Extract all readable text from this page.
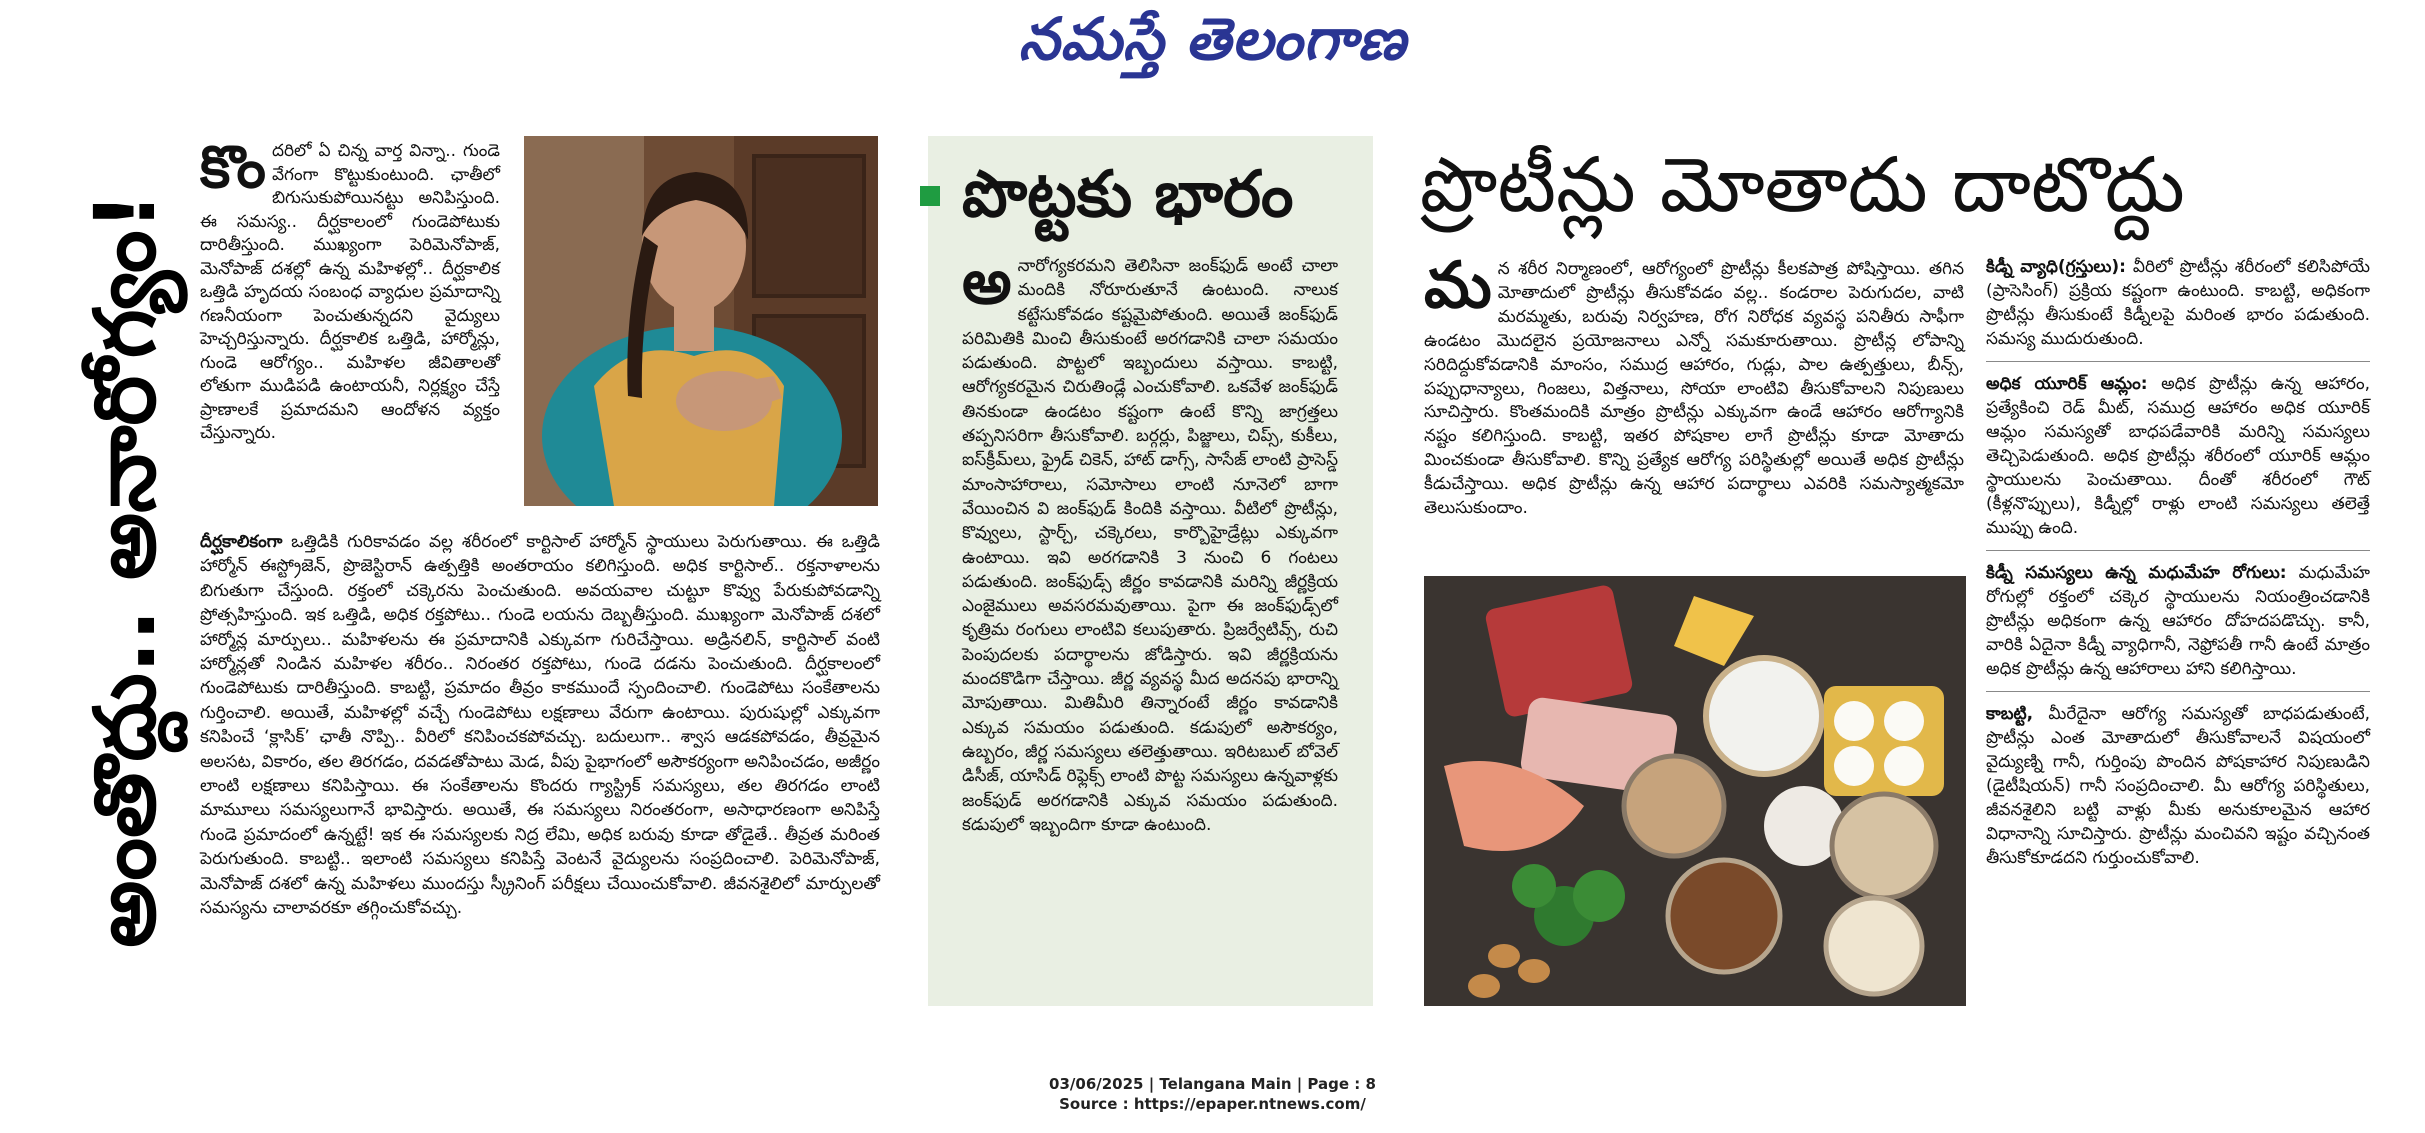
నమస్తే తెలంగాణ
అంతొద్దు.. అనారోగ్యం!
కొందరిలో ఏ చిన్న వార్త విన్నా.. గుండె వేగంగా కొట్టుకుంటుంది. ఛాతీలో బిగుసుకుపోయినట్టు అనిపిస్తుంది. ఈ సమస్య.. దీర్ఘకాలంలో గుండెపోటుకు దారితీస్తుంది. ముఖ్యంగా పెరిమెనోపాజ్, మెనోపాజ్ దశల్లో ఉన్న మహిళల్లో.. దీర్ఘకాలిక ఒత్తిడి హృదయ సంబంధ వ్యాధుల ప్రమాదాన్ని గణనీయంగా పెంచుతున్నదని వైద్యులు హెచ్చరిస్తున్నారు. దీర్ఘకాలిక ఒత్తిడి, హార్మోన్లు, గుండె ఆరోగ్యం.. మహిళల జీవితాలతో లోతుగా ముడిపడి ఉంటాయనీ, నిర్లక్ష్యం చేస్తే ప్రాణాలకే ప్రమాదమని ఆందోళన వ్యక్తం చేస్తున్నారు.

దీర్ఘకాలికంగా ఒత్తిడికి గురికావడం వల్ల శరీరంలో కార్టిసాల్ హార్మోన్ స్థాయులు పెరుగుతాయి. ఈ ఒత్తిడి హార్మోన్ ఈస్ట్రోజెన్, ప్రొజెస్టిరాన్ ఉత్పత్తికి అంతరాయం కలిగిస్తుంది. అధిక కార్టిసాల్.. రక్తనాళాలను బిగుతుగా చేస్తుంది. రక్తంలో చక్కెరను పెంచుతుంది. అవయవాల చుట్టూ కొవ్వు పేరుకుపోవడాన్ని ప్రోత్సహిస్తుంది. ఇక ఒత్తిడి, అధిక రక్తపోటు.. గుండె లయను దెబ్బతీస్తుంది. ముఖ్యంగా మెనోపాజ్ దశలో హార్మోన్ల మార్పులు.. మహిళలను ఈ ప్రమాదానికి ఎక్కువగా గురిచేస్తాయి. అడ్రినలిన్, కార్టిసాల్ వంటి హార్మోన్లతో నిండిన మహిళల శరీరం.. నిరంతర రక్తపోటు, గుండె దడను పెంచుతుంది. దీర్ఘకాలంలో గుండెపోటుకు దారితీస్తుంది. కాబట్టి, ప్రమాదం తీవ్రం కాకముందే స్పందించాలి. గుండెపోటు సంకేతాలను గుర్తించాలి. అయితే, మహిళల్లో వచ్చే గుండెపోటు లక్షణాలు వేరుగా ఉంటాయి. పురుషుల్లో ఎక్కువగా కనిపించే ‘క్లాసిక్’ ఛాతీ నొప్పి.. వీరిలో కనిపించకపోవచ్చు. బదులుగా.. శ్వాస ఆడకపోవడం, తీవ్రమైన అలసట, వికారం, తల తిరగడం, దవడతోపాటు మెడ, వీపు పైభాగంలో అసౌకర్యంగా అనిపించడం, అజీర్ణం లాంటి లక్షణాలు కనిపిస్తాయి. ఈ సంకేతాలను కొందరు గ్యాస్ట్రిక్ సమస్యలు, తల తిరగడం లాంటి మామూలు సమస్యలుగానే భావిస్తారు. అయితే, ఈ సమస్యలు నిరంతరంగా, అసాధారణంగా అనిపిస్తే గుండె ప్రమాదంలో ఉన్నట్టే! ఇక ఈ సమస్యలకు నిద్ర లేమి, అధిక బరువు కూడా తోడైతే.. తీవ్రత మరింత పెరుగుతుంది. కాబట్టి.. ఇలాంటి సమస్యలు కనిపిస్తే వెంటనే వైద్యులను సంప్రదించాలి. పెరిమెనోపాజ్, మెనోపాజ్ దశలో ఉన్న మహిళలు ముందస్తు స్క్రీనింగ్ పరీక్షలు చేయించుకోవాలి. జీవనశైలిలో మార్పులతో సమస్యను చాలావరకూ తగ్గించుకోవచ్చు.

పొట్టకు భారం
అనారోగ్యకరమని తెలిసినా జంక్‌ఫుడ్ అంటే చాలా మందికి నోరూరుతూనే ఉంటుంది. నాలుక కట్టేసుకోవడం కష్టమైపోతుంది. అయితే జంక్‌ఫుడ్ పరిమితికి మించి తీసుకుంటే అరగడానికి చాలా సమయం పడుతుంది. పొట్టలో ఇబ్బందులు వస్తాయి. కాబట్టి, ఆరోగ్యకరమైన చిరుతిండ్లే ఎంచుకోవాలి. ఒకవేళ జంక్‌ఫుడ్ తినకుండా ఉండటం కష్టంగా ఉంటే కొన్ని జాగ్రత్తలు తప్పనిసరిగా తీసుకోవాలి. బర్గర్లు, పిజ్జాలు, చిప్స్, కుకీలు, ఐస్‌క్రీమ్‌లు, ఫ్రైడ్ చికెన్, హాట్ డాగ్స్, సాసేజ్ లాంటి ప్రాసెస్డ్ మాంసాహారాలు, సమోసాలు లాంటి నూనెలో బాగా వేయించిన వి జంక్‌ఫుడ్ కిందికి వస్తాయి. వీటిలో ప్రొటీన్లు, కొవ్వులు, స్టార్చ్, చక్కెరలు, కార్బొహైడ్రేట్లు ఎక్కువగా ఉంటాయి. ఇవి అరగడానికి 3 నుంచి 6 గంటలు పడుతుంది. జంక్‌ఫుడ్స్ జీర్ణం కావడానికి మరిన్ని జీర్ణక్రియ ఎంజైములు అవసరమవుతాయి. పైగా ఈ జంక్‌ఫుడ్స్‌లో కృత్రిమ రంగులు లాంటివి కలుపుతారు. ప్రిజర్వేటివ్స్, రుచి పెంపుదలకు పదార్థాలను జోడిస్తారు. ఇవి జీర్ణక్రియను మందకొడిగా చేస్తాయి. జీర్ణ వ్యవస్థ మీద అదనపు భారాన్ని మోపుతాయి. మితిమీరి తిన్నారంటే జీర్ణం కావడానికి ఎక్కువ సమయం పడుతుంది. కడుపులో అసౌకర్యం, ఉబ్బరం, జీర్ణ సమస్యలు తలెత్తుతాయి. ఇరిటబుల్ బోవెల్ డిసీజ్, యాసిడ్ రిఫ్లెక్స్ లాంటి పొట్ట సమస్యలు ఉన్నవాళ్లకు జంక్‌ఫుడ్ అరగడానికి ఎక్కువ సమయం పడుతుంది. కడుపులో ఇబ్బందిగా కూడా ఉంటుంది.
ప్రొటీన్లు మోతాదు దాటొద్దు
మన శరీర నిర్మాణంలో, ఆరోగ్యంలో ప్రొటీన్లు కీలకపాత్ర పోషిస్తాయి. తగిన మోతాదులో ప్రొటీన్లు తీసుకోవడం వల్ల.. కండరాల పెరుగుదల, వాటి మరమ్మతు, బరువు నిర్వహణ, రోగ నిరోధక వ్యవస్థ పనితీరు సాఫీగా ఉండటం మొదలైన ప్రయోజనాలు ఎన్నో సమకూరుతాయి. ప్రొటీన్ల లోపాన్ని సరిదిద్దుకోవడానికి మాంసం, సముద్ర ఆహారం, గుడ్లు, పాల ఉత్పత్తులు, బీన్స్, పప్పుధాన్యాలు, గింజలు, విత్తనాలు, సోయా లాంటివి తీసుకోవాలని నిపుణులు సూచిస్తారు. కొంతమందికి మాత్రం ప్రొటీన్లు ఎక్కువగా ఉండే ఆహారం ఆరోగ్యానికి నష్టం కలిగిస్తుంది. కాబట్టి, ఇతర పోషకాల లాగే ప్రొటీన్లు కూడా మోతాదు మించకుండా తీసుకోవాలి. కొన్ని ప్రత్యేక ఆరోగ్య పరిస్థితుల్లో అయితే అధిక ప్రొటీన్లు కీడుచేస్తాయి. అధిక ప్రొటీన్లు ఉన్న ఆహార పదార్థాలు ఎవరికి సమస్యాత్మకమో తెలుసుకుందాం.
కిడ్నీ వ్యాధి(గ్రస్తులు): వీరిలో ప్రొటీన్లు శరీరంలో కలిసిపోయే (ప్రాసెసింగ్) ప్రక్రియ కష్టంగా ఉంటుంది. కాబట్టి, అధికంగా ప్రొటీన్లు తీసుకుంటే కిడ్నీలపై మరింత భారం పడుతుంది. సమస్య ముదురుతుంది.
అధిక యూరిక్ ఆమ్లం: అధిక ప్రొటీన్లు ఉన్న ఆహారం, ప్రత్యేకించి రెడ్ మీట్, సముద్ర ఆహారం అధిక యూరిక్ ఆమ్లం సమస్యతో బాధపడేవారికి మరిన్ని సమస్యలు తెచ్చిపెడుతుంది. అధిక ప్రొటీన్లు శరీరంలో యూరిక్ ఆమ్లం స్థాయులను పెంచుతాయి. దీంతో శరీరంలో గౌట్ (కీళ్లనొప్పులు), కిడ్నీల్లో రాళ్లు లాంటి సమస్యలు తలెత్తే ముప్పు ఉంది.
కిడ్నీ సమస్యలు ఉన్న మధుమేహ రోగులు: మధుమేహ రోగుల్లో రక్తంలో చక్కెర స్థాయులను నియంత్రించడానికి ప్రొటీన్లు అధికంగా ఉన్న ఆహారం దోహదపడొచ్చు. కానీ, వారికి ఏదైనా కిడ్నీ వ్యాధిగానీ, నెఫ్రోపతీ గానీ ఉంటే మాత్రం అధిక ప్రొటీన్లు ఉన్న ఆహారాలు హాని కలిగిస్తాయి.
కాబట్టి, మీరేదైనా ఆరోగ్య సమస్యతో బాధపడుతుంటే, ప్రొటీన్లు ఎంత మోతాదులో తీసుకోవాలనే విషయంలో వైద్యుణ్ని గానీ, గుర్తింపు పొందిన పోషకాహార నిపుణుడిని (డైటీషియన్) గానీ సంప్రదించాలి. మీ ఆరోగ్య పరిస్థితులు, జీవనశైలిని బట్టి వాళ్లు మీకు అనుకూలమైన ఆహార విధానాన్ని సూచిస్తారు. ప్రొటీన్లు మంచివని ఇష్టం వచ్చినంత తీసుకోకూడదని గుర్తుంచుకోవాలి.
03/06/2025 | Telangana Main | Page : 8
Source : https://epaper.ntnews.com/
